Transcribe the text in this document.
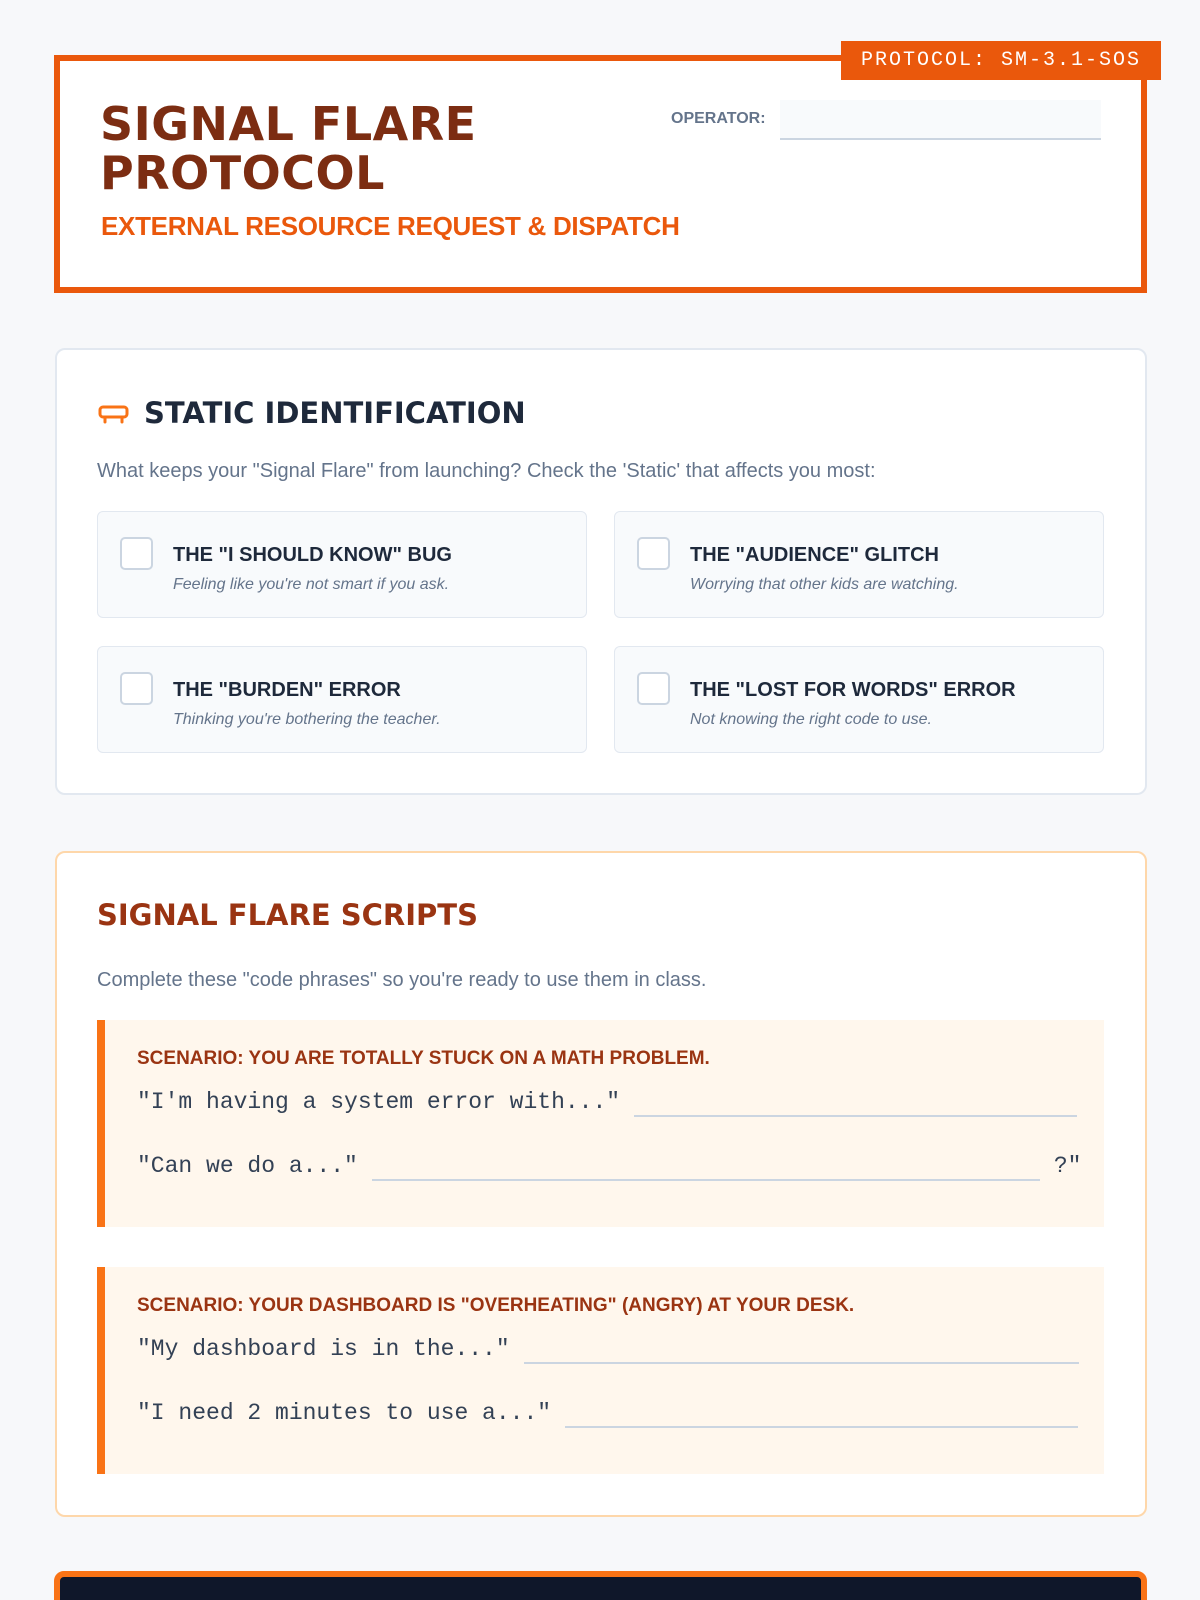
PROTOCOL: SM-3.1-SOS
SIGNAL FLARE PROTOCOL
EXTERNAL RESOURCE REQUEST & DISPATCH
OPERATOR:
STATIC IDENTIFICATION
What keeps your "Signal Flare" from launching? Check the 'Static' that affects you most:
THE "I SHOULD KNOW" BUG
Feeling like you're not smart if you ask.
THE "AUDIENCE" GLITCH
Worrying that other kids are watching.
THE "BURDEN" ERROR
Thinking you're bothering the teacher.
THE "LOST FOR WORDS" ERROR
Not knowing the right code to use.
SIGNAL FLARE SCRIPTS
Complete these "code phrases" so you're ready to use them in class.
SCENARIO: YOU ARE TOTALLY STUCK ON A MATH PROBLEM.
"I'm having a system error with..."
"Can we do a..."	?"
SCENARIO: YOUR DASHBOARD IS "OVERHEATING" (ANGRY) AT YOUR DESK.
"My dashboard is in the..."
"I need 2 minutes to use a..."
